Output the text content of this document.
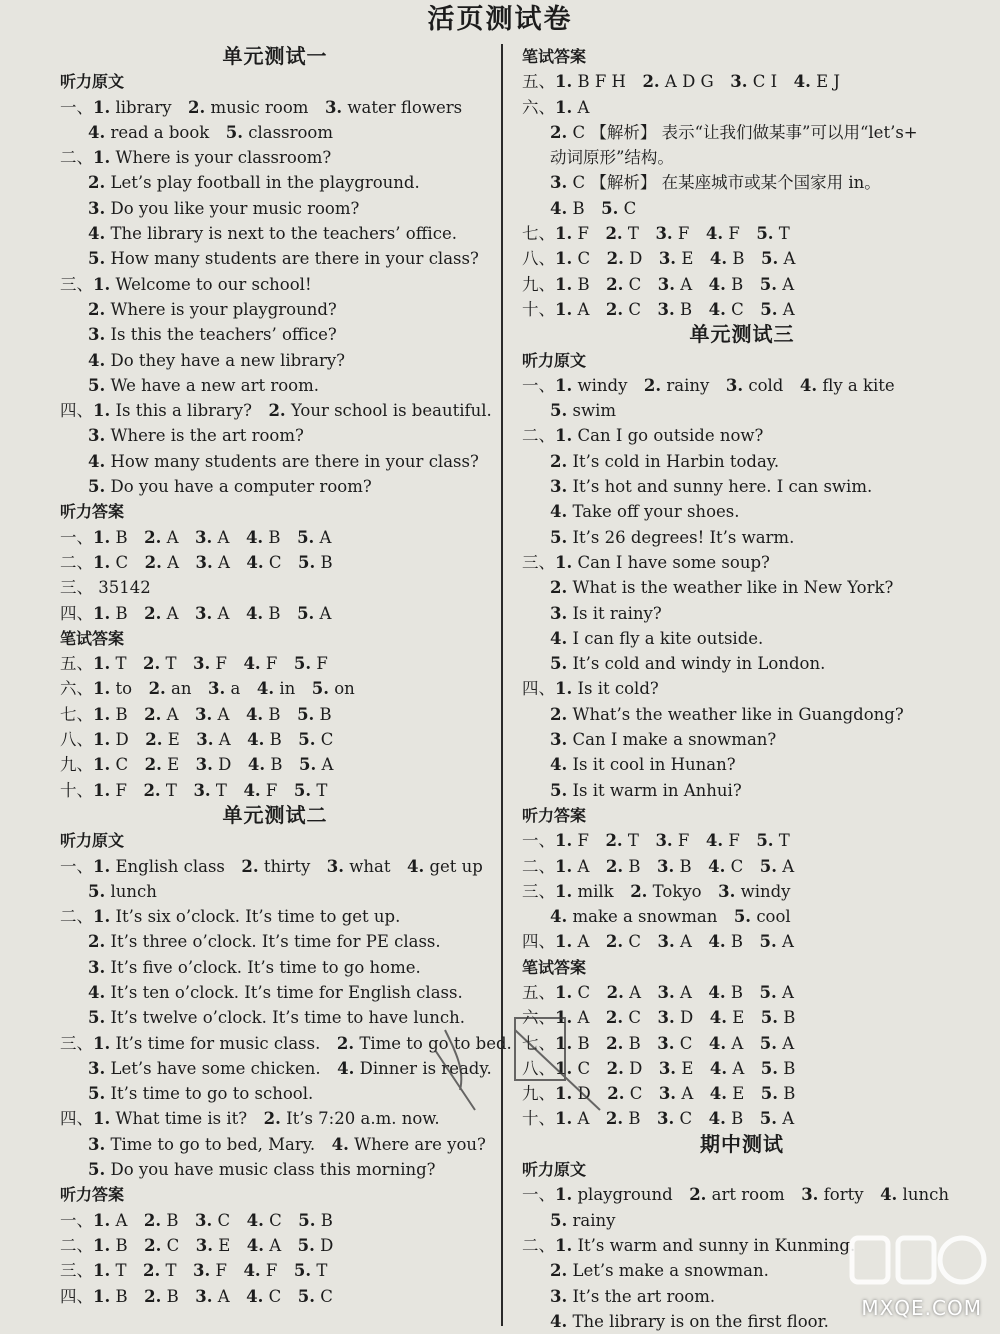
活页测试卷
单元测试一
听力原文
一、1. library  2. music room  3. water flowers
4. read a book  5. classroom
二、1. Where is your classroom?
2. Let’s play football in the playground.
3. Do you like your music room?
4. The library is next to the teachers’ office.
5. How many students are there in your class?
三、1. Welcome to our school!
2. Where is your playground?
3. Is this the teachers’ office?
4. Do they have a new library?
5. We have a new art room.
四、1. Is this a library?  2. Your school is beautiful.
3. Where is the art room?
4. How many students are there in your class?
5. Do you have a computer room?
听力答案
一、1. B  2. A  3. A  4. B  5. A
二、1. C  2. A  3. A  4. C  5. B
三、 35142
四、1. B  2. A  3. A  4. B  5. A
笔试答案
五、1. T  2. T  3. F  4. F  5. F
六、1. to  2. an  3. a  4. in  5. on
七、1. B  2. A  3. A  4. B  5. B
八、1. D  2. E  3. A  4. B  5. C
九、1. C  2. E  3. D  4. B  5. A
十、1. F  2. T  3. T  4. F  5. T
单元测试二
听力原文
一、1. English class  2. thirty  3. what  4. get up
5. lunch
二、1. It’s six o’clock. It’s time to get up.
2. It’s three o’clock. It’s time for PE class.
3. It’s five o’clock. It’s time to go home.
4. It’s ten o’clock. It’s time for English class.
5. It’s twelve o’clock. It’s time to have lunch.
三、1. It’s time for music class.  2. Time to go to bed.
3. Let’s have some chicken.  4. Dinner is ready.
5. It’s time to go to school.
四、1. What time is it?  2. It’s 7:20 a.m. now.
3. Time to go to bed, Mary.  4. Where are you?
5. Do you have music class this morning?
听力答案
一、1. A  2. B  3. C  4. C  5. B
二、1. B  2. C  3. E  4. A  5. D
三、1. T  2. T  3. F  4. F  5. T
四、1. B  2. B  3. A  4. C  5. C
笔试答案
五、1. B F H  2. A D G  3. C I  4. E J
六、1. A
2. C 【解析】 表示“让我们做某事”可以用“let’s+
动词原形”结构。
3. C 【解析】 在某座城市或某个国家用 in。
4. B  5. C
七、1. F  2. T  3. F  4. F  5. T
八、1. C  2. D  3. E  4. B  5. A
九、1. B  2. C  3. A  4. B  5. A
十、1. A  2. C  3. B  4. C  5. A
单元测试三
听力原文
一、1. windy  2. rainy  3. cold  4. fly a kite
5. swim
二、1. Can I go outside now?
2. It’s cold in Harbin today.
3. It’s hot and sunny here. I can swim.
4. Take off your shoes.
5. It’s 26 degrees! It’s warm.
三、1. Can I have some soup?
2. What is the weather like in New York?
3. Is it rainy?
4. I can fly a kite outside.
5. It’s cold and windy in London.
四、1. Is it cold?
2. What’s the weather like in Guangdong?
3. Can I make a snowman?
4. Is it cool in Hunan?
5. Is it warm in Anhui?
听力答案
一、1. F  2. T  3. F  4. F  5. T
二、1. A  2. B  3. B  4. C  5. A
三、1. milk  2. Tokyo  3. windy
4. make a snowman  5. cool
四、1. A  2. C  3. A  4. B  5. A
笔试答案
五、1. C  2. A  3. A  4. B  5. A
六、1. A  2. C  3. D  4. E  5. B
七、1. B  2. B  3. C  4. A  5. A
八、1. C  2. D  3. E  4. A  5. B
九、1. D  2. C  3. A  4. E  5. B
十、1. A  2. B  3. C  4. B  5. A
期中测试
听力原文
一、1. playground  2. art room  3. forty  4. lunch
5. rainy
二、1. It’s warm and sunny in Kunming.
2. Let’s make a snowman.
3. It’s the art room.
4. The library is on the first floor.
MXQE.COM
